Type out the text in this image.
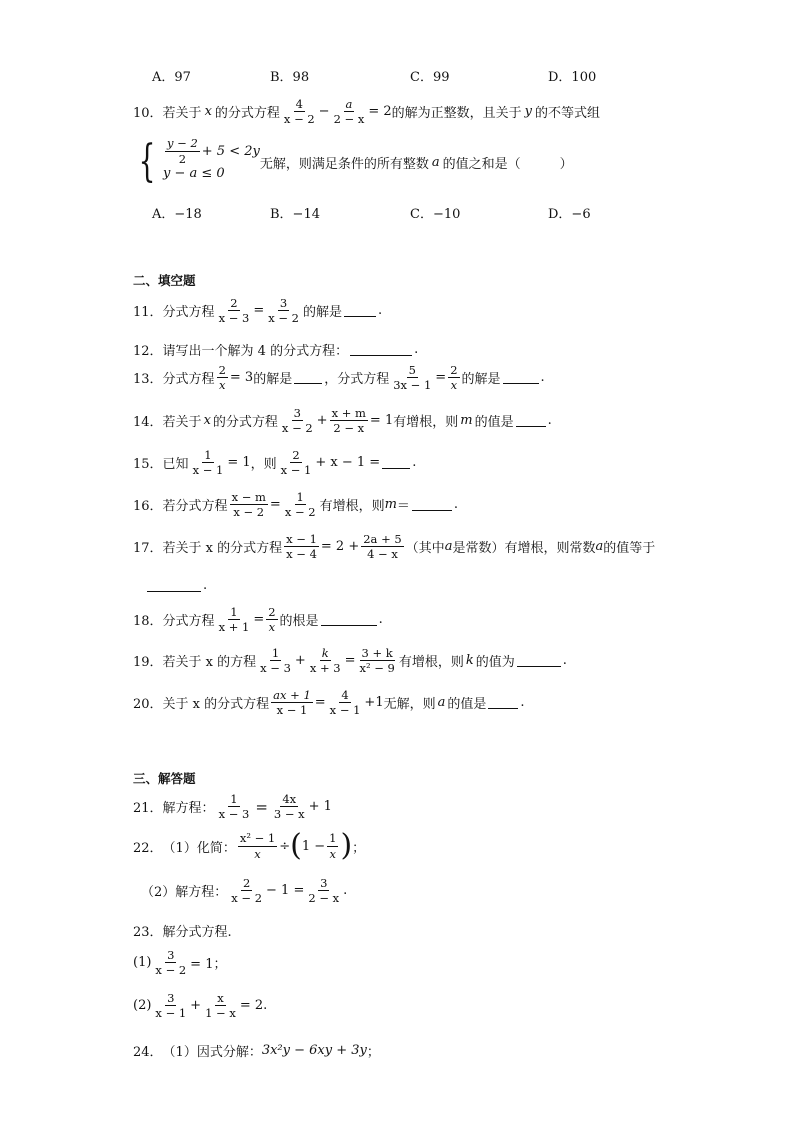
A．97	B．98	C．99	D．100
10． 若关于 x 的分式方程 $\frac{4}{x - 2} - \frac{a}{2 - x} = 2$ 的解为正整数，且关于 y 的不等式组
{ $\frac{y - 2}{2} + 5 < 2y$
y − a ≤ 0
无解，则满足条件的所有整数 a 的值之和是（　　　）
A．−18	B．−14	C．−10	D．−6
二、填空题
11． 分式方程 $\frac{2}{x - 3} = \frac{3}{x - 2}$ 的解是	.
12． 请写出一个解为 4 的分式方程：	.
13． 分式方程 $\frac{2}{x} = 3$ 的解是 ，分式方程 $\frac{5}{3x - 1} = \frac{2}{x}$ 的解是	.
14． 若关于 x 的分式方程 $\frac{3}{x - 2} + \frac{x + m}{2 - x} = 1$ 有增根，则 m 的值是	.
15． 已知 $\frac{1}{x - 1} = 1$ ，则 $\frac{2}{x - 1} + x - 1$ = .
16． 若分式方程 $\frac{x - m}{x - 2} = \frac{1}{x - 2}$ 有增根，则 m ＝	.
17． 若关于 x 的分式方程 $\frac{x - 1}{x - 4} = 2 + \frac{2a + 5}{4 - x}$ （其中 a 是常数）有增根，则常数 a 的值等于
.
18． 分式方程 $\frac{1}{x + 1} = \frac{2}{x}$ 的根是	.
19． 若关于 x 的方程 $\frac{1}{x - 3} + \frac{k}{x + 3} = \frac{3 + k}{\text{x² − 9}}$ 有增根，则 k 的值为	.
20． 关于 x 的分式方程 $\frac{ax + 1}{x - 1} = \frac{4}{x - 1} +1$ 无解，则 a 的值是	.
三、解答题
21． 解方程： $\frac{1}{x - 3} = \frac{4x}{3 - x} + 1$
22． （1）化简： $\frac{\text{x² − 1}}{x}$ ÷ ( $1 - \frac{1}{x}$ ) ；
（2）解方程： $\frac{2}{x - 2} - 1 = \frac{3}{2 - x}$ .
23． 解分式方程.
$(1) \frac{3}{x - 2} = 1$；
$(2) \frac{3}{x - 1} + \frac{x}{1 - x} = 2$.
24． （1）因式分解： 3x²y − 6xy + 3y ；
